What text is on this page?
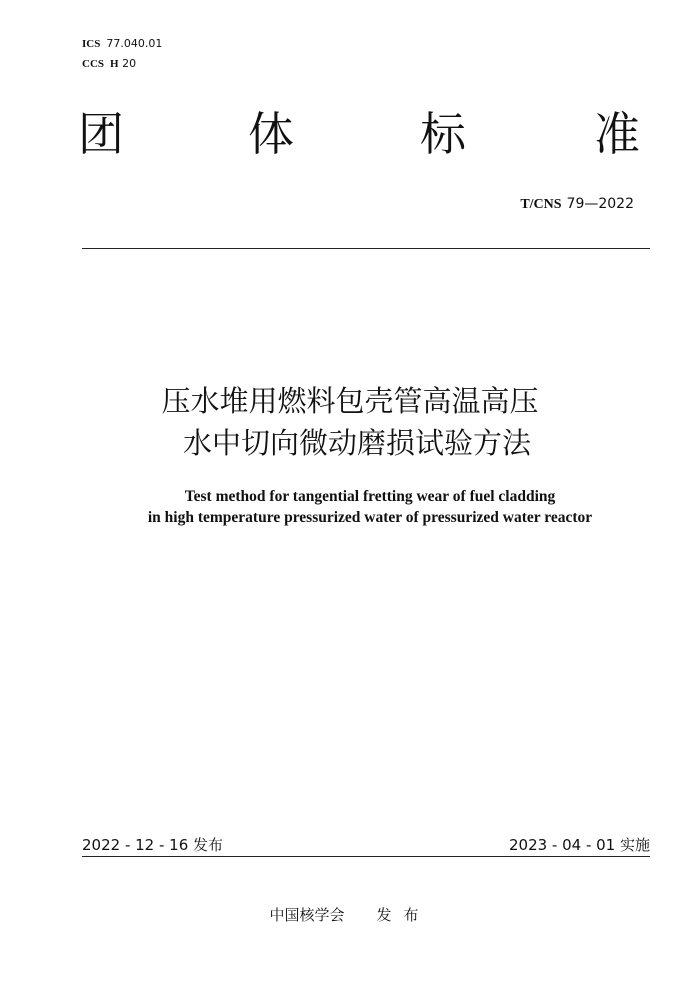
ICS 77.040.01
CCS H 20
团	体	标	准
T/CNS 79—2022
压水堆用燃料包壳管高温高压
水中切向微动磨损试验方法
Test method for tangential fretting wear of fuel cladding
in high temperature pressurized water of pressurized water reactor
2022 - 12 - 16 发布	2023 - 04 - 01 实施
中国核学会 发布
